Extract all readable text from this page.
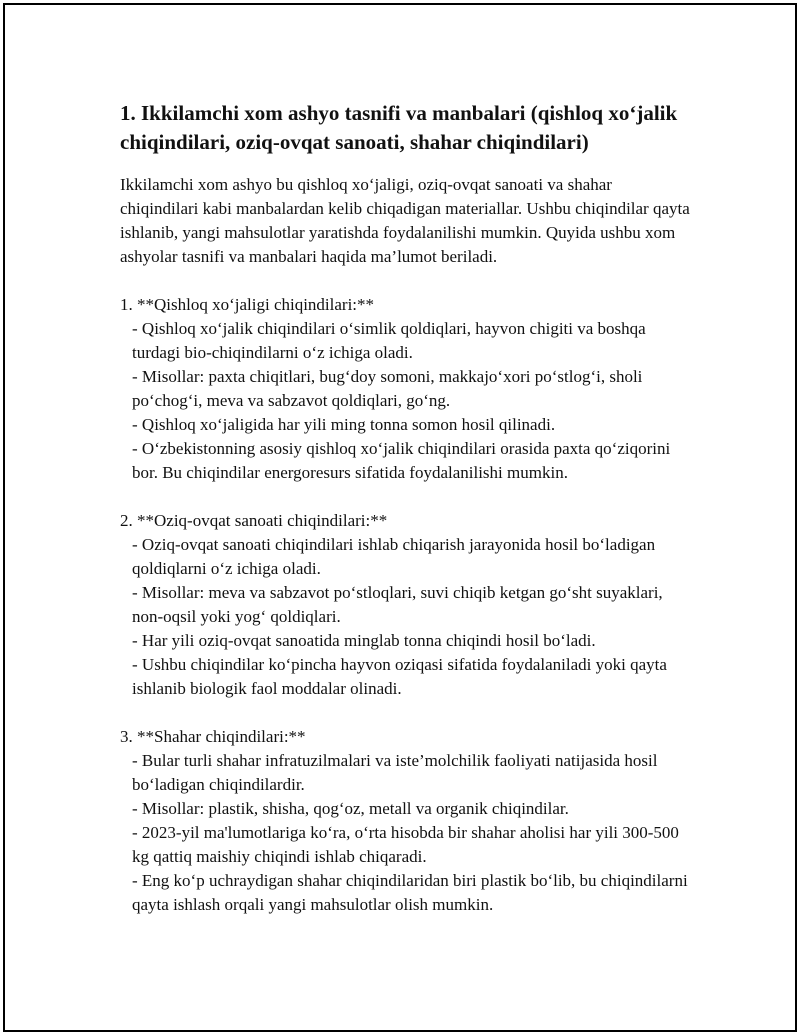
1. Ikkilamchi xom ashyo tasnifi va manbalari (qishloq xo‘jalik chiqindilari, oziq-ovqat sanoati, shahar chiqindilari)

Ikkilamchi xom ashyo bu qishloq xo‘jaligi, oziq-ovqat sanoati va shahar chiqindilari kabi manbalardan kelib chiqadigan materiallar. Ushbu chiqindilar qayta ishlanib, yangi mahsulotlar yaratishda foydalanilishi mumkin. Quyida ushbu xom ashyolar tasnifi va manbalari haqida ma’lumot beriladi.

1. **Qishloq xo‘jaligi chiqindilari:**

- Qishloq xo‘jalik chiqindilari o‘simlik qoldiqlari, hayvon chigiti va boshqa turdagi bio-chiqindilarni o‘z ichiga oladi.

- Misollar: paxta chiqitlari, bug‘doy somoni, makkajo‘xori po‘stlog‘i, sholi po‘chog‘i, meva va sabzavot qoldiqlari, go‘ng.

- Qishloq xo‘jaligida har yili ming tonna somon hosil qilinadi.

- O‘zbekistonning asosiy qishloq xo‘jalik chiqindilari orasida paxta qo‘ziqorini bor. Bu chiqindilar energoresurs sifatida foydalanilishi mumkin.

2. **Oziq-ovqat sanoati chiqindilari:**

- Oziq-ovqat sanoati chiqindilari ishlab chiqarish jarayonida hosil bo‘ladigan qoldiqlarni o‘z ichiga oladi.

- Misollar: meva va sabzavot po‘stloqlari, suvi chiqib ketgan go‘sht suyaklari, non-oqsil yoki yog‘ qoldiqlari.

- Har yili oziq-ovqat sanoatida minglab tonna chiqindi hosil bo‘ladi.

- Ushbu chiqindilar ko‘pincha hayvon oziqasi sifatida foydalaniladi yoki qayta ishlanib biologik faol moddalar olinadi.

3. **Shahar chiqindilari:**

- Bular turli shahar infratuzilmalari va iste’molchilik faoliyati natijasida hosil bo‘ladigan chiqindilardir.

- Misollar: plastik, shisha, qog‘oz, metall va organik chiqindilar.

- 2023-yil ma'lumotlariga ko‘ra, o‘rta hisobda bir shahar aholisi har yili 300-500 kg qattiq maishiy chiqindi ishlab chiqaradi.

- Eng ko‘p uchraydigan shahar chiqindilaridan biri plastik bo‘lib, bu chiqindilarni qayta ishlash orqali yangi mahsulotlar olish mumkin.
